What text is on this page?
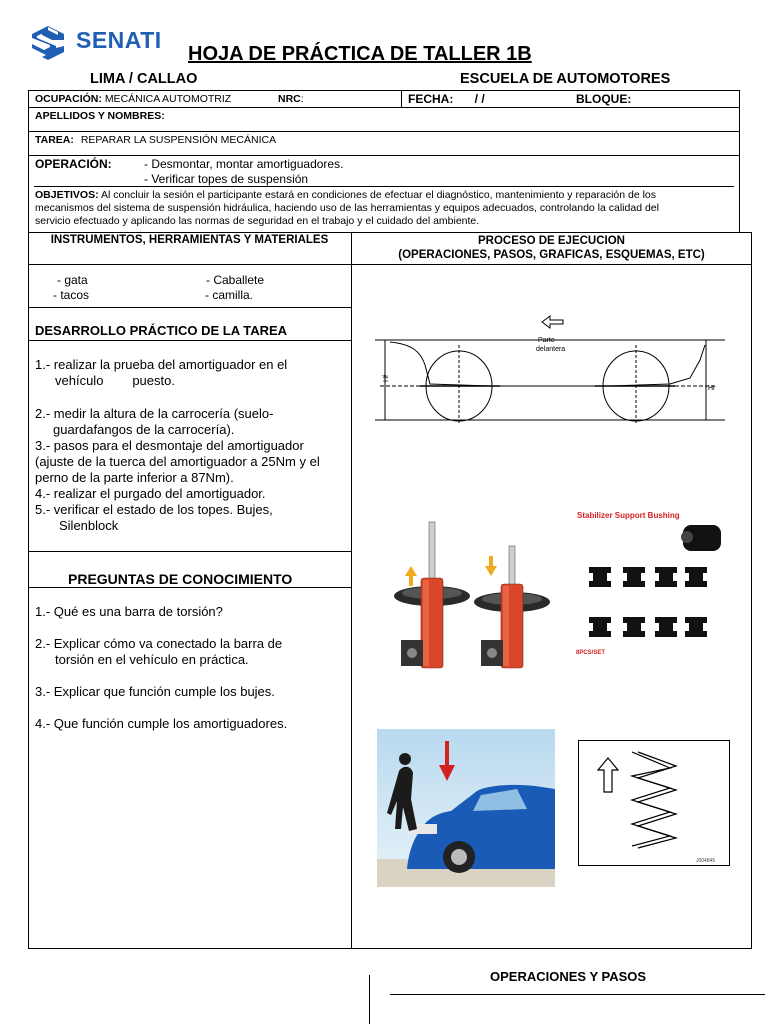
SENATI
HOJA DE PRÁCTICA DE TALLER 1B
LIMA / CALLAO	ESCUELA DE AUTOMOTORES
OCUPACIÓN: MECÁNICA AUTOMOTRIZ	NRC:	FECHA: / /	BLOQUE:
APELLIDOS Y NOMBRES:
TAREA: REPARAR LA SUSPENSIÓN MECÁNICA
OPERACIÓN:	- Desmontar, montar amortiguadores.
- Verificar topes de suspensión
OBJETIVOS: Al concluir la sesión el participante estará en condiciones de efectuar el diagnóstico, mantenimiento y reparación de los
mecanismos del sistema de suspensión hidráulica, haciendo uso de las herramientas y equipos adecuados, controlando la calidad del
servicio efectuado y aplicando las normas de seguridad en el trabajo y el cuidado del ambiente.
INSTRUMENTOS, HERRAMIENTAS Y MATERIALES	PROCESO DE EJECUCION
(OPERACIONES, PASOS, GRAFICAS, ESQUEMAS, ETC)
- gata	- Caballete
- tacos	- camilla.
DESARROLLO PRÁCTICO DE LA TAREA
1.- realizar la prueba del amortiguador en el
vehículo        puesto.
2.- medir la altura de la carrocería (suelo-
guardafangos de la carrocería).
3.- pasos para el desmontaje del amortiguador
(ajuste de la tuerca del amortiguador a 25Nm y el
perno de la parte inferior a 87Nm).
4.- realizar el purgado del amortiguador.
5.- verificar el estado de los topes. Bujes,
Silenblock
PREGUNTAS DE CONOCIMIENTO
1.- Qué es una barra de torsión?
2.- Explicar cómo va conectado la barra de
torsión en el vehículo en práctica.
3.- Explicar que función cumple los bujes.
4.- Que función cumple los amortiguadores.
Parte
delantera
Hf
Hr
Stabilizer Support Bushing
8PCS/SET
J004845
OPERACIONES Y PASOS
